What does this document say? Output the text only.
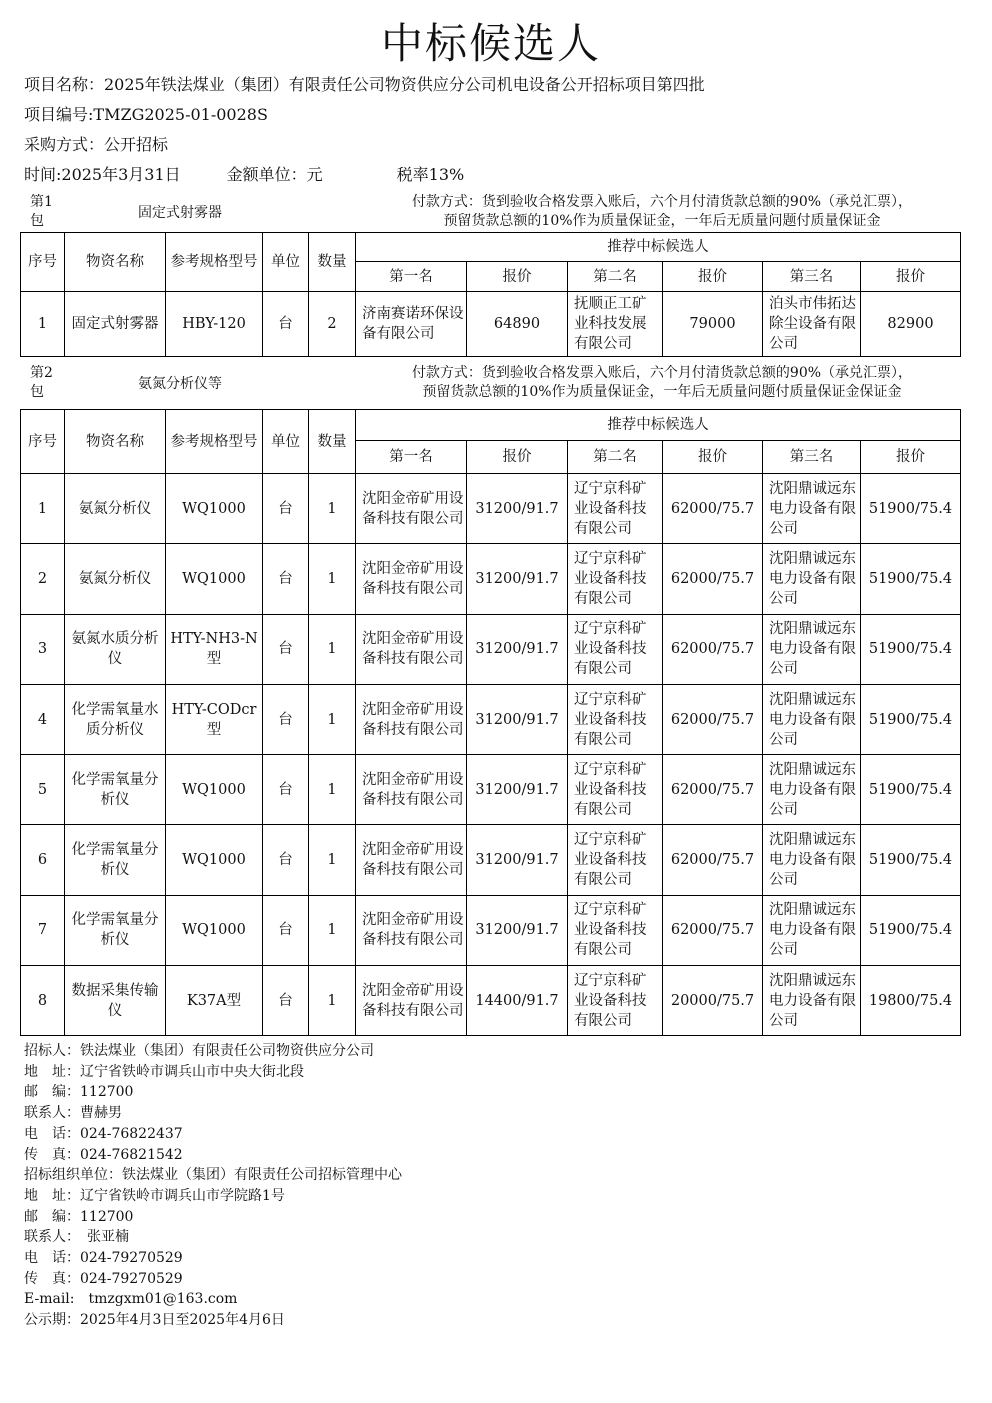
中标候选人
项目名称：2025年铁法煤业（集团）有限责任公司物资供应分公司机电设备公开招标项目第四批
项目编号:TMZG2025-01-0028S
采购方式：公开招标
时间:2025年3月31日	金额单位：元	税率13%
第1包	固定式射雾器
付款方式：货到验收合格发票入账后，六个月付清货款总额的90%（承兑汇票），
预留货款总额的10%作为质量保证金，一年后无质量问题付质量保证金
序号	物资名称	参考规格型号	单位	数量	推荐中标候选人					
					第一名	报价	第二名	报价	第三名	报价
1	固定式射雾器	HBY-120	台	2	济南赛诺环保设备有限公司	64890	抚顺正工矿业科技发展有限公司	79000	泊头市伟拓达除尘设备有限公司	82900
第2包	氨氮分析仪等
付款方式：货到验收合格发票入账后，六个月付清货款总额的90%（承兑汇票），
预留货款总额的10%作为质量保证金，一年后无质量问题付质量保证金保证金
序号	物资名称	参考规格型号	单位	数量	推荐中标候选人					
					第一名	报价	第二名	报价	第三名	报价
1	氨氮分析仪	WQ1000	台	1	沈阳金帝矿用设备科技有限公司	31200/91.7	辽宁京科矿业设备科技有限公司	62000/75.7	沈阳鼎诚远东电力设备有限公司	51900/75.4
2	氨氮分析仪	WQ1000	台	1	沈阳金帝矿用设备科技有限公司	31200/91.7	辽宁京科矿业设备科技有限公司	62000/75.7	沈阳鼎诚远东电力设备有限公司	51900/75.4
3	氨氮水质分析仪	HTY-NH3-N型	台	1	沈阳金帝矿用设备科技有限公司	31200/91.7	辽宁京科矿业设备科技有限公司	62000/75.7	沈阳鼎诚远东电力设备有限公司	51900/75.4
4	化学需氧量水质分析仪	HTY-CODcr型	台	1	沈阳金帝矿用设备科技有限公司	31200/91.7	辽宁京科矿业设备科技有限公司	62000/75.7	沈阳鼎诚远东电力设备有限公司	51900/75.4
5	化学需氧量分析仪	WQ1000	台	1	沈阳金帝矿用设备科技有限公司	31200/91.7	辽宁京科矿业设备科技有限公司	62000/75.7	沈阳鼎诚远东电力设备有限公司	51900/75.4
6	化学需氧量分析仪	WQ1000	台	1	沈阳金帝矿用设备科技有限公司	31200/91.7	辽宁京科矿业设备科技有限公司	62000/75.7	沈阳鼎诚远东电力设备有限公司	51900/75.4
7	化学需氧量分析仪	WQ1000	台	1	沈阳金帝矿用设备科技有限公司	31200/91.7	辽宁京科矿业设备科技有限公司	62000/75.7	沈阳鼎诚远东电力设备有限公司	51900/75.4
8	数据采集传输仪	K37A型	台	1	沈阳金帝矿用设备科技有限公司	14400/91.7	辽宁京科矿业设备科技有限公司	20000/75.7	沈阳鼎诚远东电力设备有限公司	19800/75.4
招标人：铁法煤业（集团）有限责任公司物资供应分公司
地　址：辽宁省铁岭市调兵山市中央大街北段
邮　编：112700
联系人：曹赫男
电　话：024-76822437
传　真：024-76821542
招标组织单位：铁法煤业（集团）有限责任公司招标管理中心
地　址：辽宁省铁岭市调兵山市学院路1号
邮　编：112700
联系人：　张亚楠
电　话：024-79270529
传　真：024-79270529
E-mail:　tmzgxm01@163.com
公示期：2025年4月3日至2025年4月6日
